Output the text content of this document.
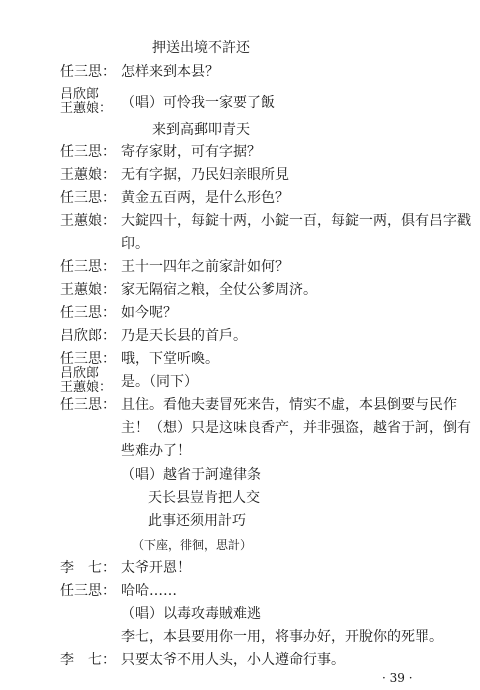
押送出境不許还
任三思： 怎样来到本县？
吕欣郎
王蕙娘： （唱）可怜我一家要了飯
来到高郵叩青天
任三思： 寄存家財，可有字据？
王蕙娘： 无有字据，乃民妇亲眼所見
任三思： 黄金五百两，是什么形色？
王蕙娘： 大錠四十，每錠十两，小錠一百，每錠一两，俱有吕字戳
印。
任三思： 王十一四年之前家計如何？
王蕙娘： 家无隔宿之粮，全仗公爹周济。
任三思： 如今呢？
吕欣郎： 乃是天长县的首戶。
任三思： 哦，下堂听喚。
吕欣郎
王蕙娘： 是。（同下）
任三思： 且住。看他夫妻冒死来告，情实不虛，本县倒要与民作
主！（想）只是这味良香产，并非强盗，越省于訶，倒有
些难办了！
（唱）越省于訶違律条
天长县豈肯把人交
此事还须用計巧
（下座，徘徊，思計）
李　七： 太爷开恩！
任三思： 哈哈……
（唱）以毒攻毒賊难逃
李七，本县要用你一用，将事办好，开脫你的死罪。
李　七： 只要太爷不用人头，小人遵命行事。
· 39 ·
